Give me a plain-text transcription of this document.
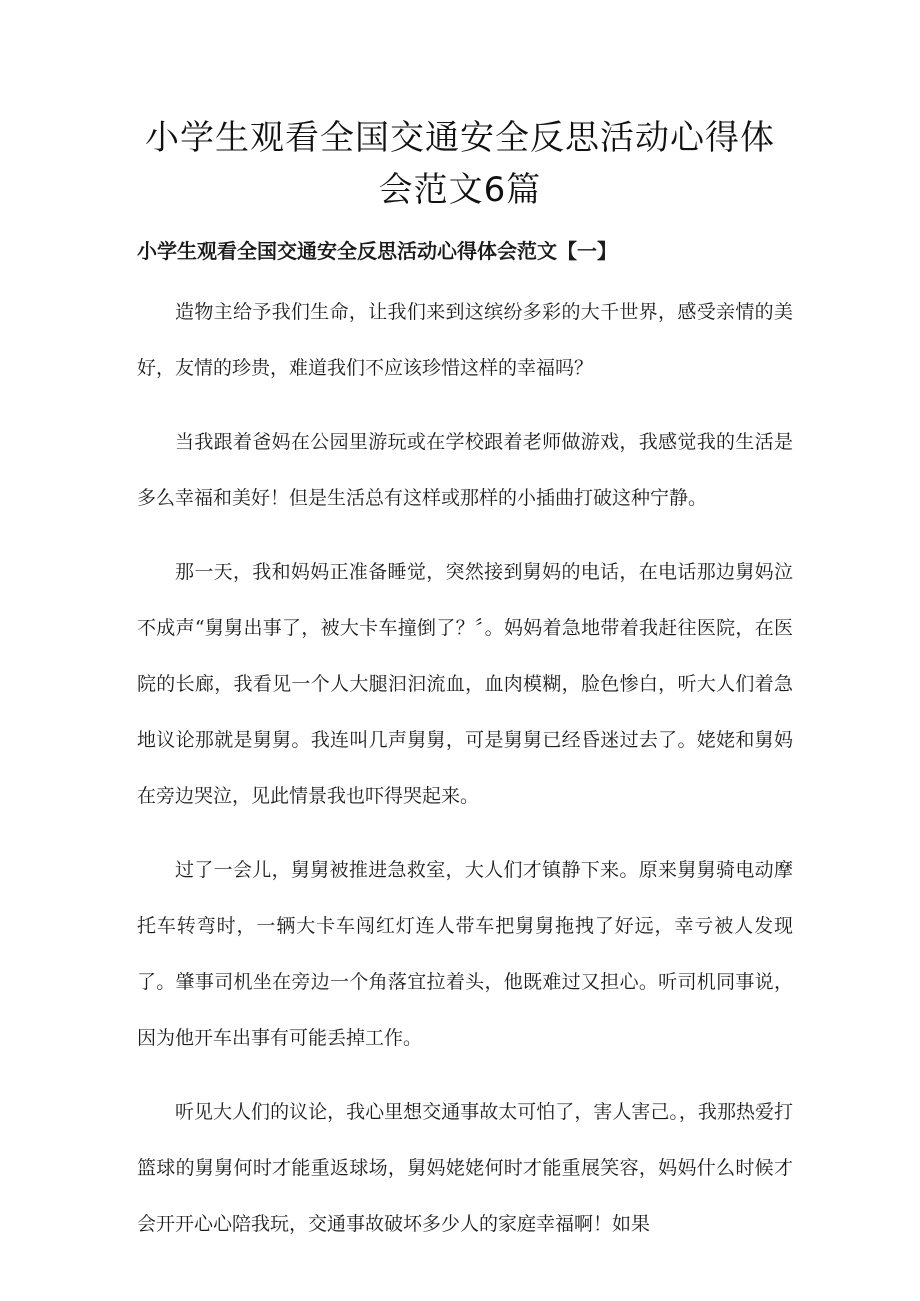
小学生观看全国交通安全反思活动心得体
会范文6篇
小学生观看全国交通安全反思活动心得体会范文【一】

造物主给予我们生命，让我们来到这缤纷多彩的大千世界，感受亲情的美好，友情的珍贵，难道我们不应该珍惜这样的幸福吗？

当我跟着爸妈在公园里游玩或在学校跟着老师做游戏，我感觉我的生活是多么幸福和美好！但是生活总有这样或那样的小插曲打破这种宁静。

那一天，我和妈妈正准备睡觉，突然接到舅妈的电话，在电话那边舅妈泣不成声“舅舅出事了，被大卡车撞倒了？〞。妈妈着急地带着我赶往医院，在医院的长廊，我看见一个人大腿汩汩流血，血肉模糊，脸色惨白，听大人们着急地议论那就是舅舅。我连叫几声舅舅，可是舅舅已经昏迷过去了。姥姥和舅妈在旁边哭泣，见此情景我也吓得哭起来。

过了一会儿，舅舅被推进急救室，大人们才镇静下来。原来舅舅骑电动摩托车转弯时，一辆大卡车闯红灯连人带车把舅舅拖拽了好远，幸亏被人发现了。肇事司机坐在旁边一个角落宜拉着头，他既难过又担心。听司机同事说，因为他开车出事有可能丢掉工作。

听见大人们的议论，我心里想交通事故太可怕了，害人害己。，我那热爱打篮球的舅舅何时才能重返球场，舅妈姥姥何时才能重展笑容，妈妈什么时候才会开开心心陪我玩，交通事故破坏多少人的家庭幸福啊！如果
